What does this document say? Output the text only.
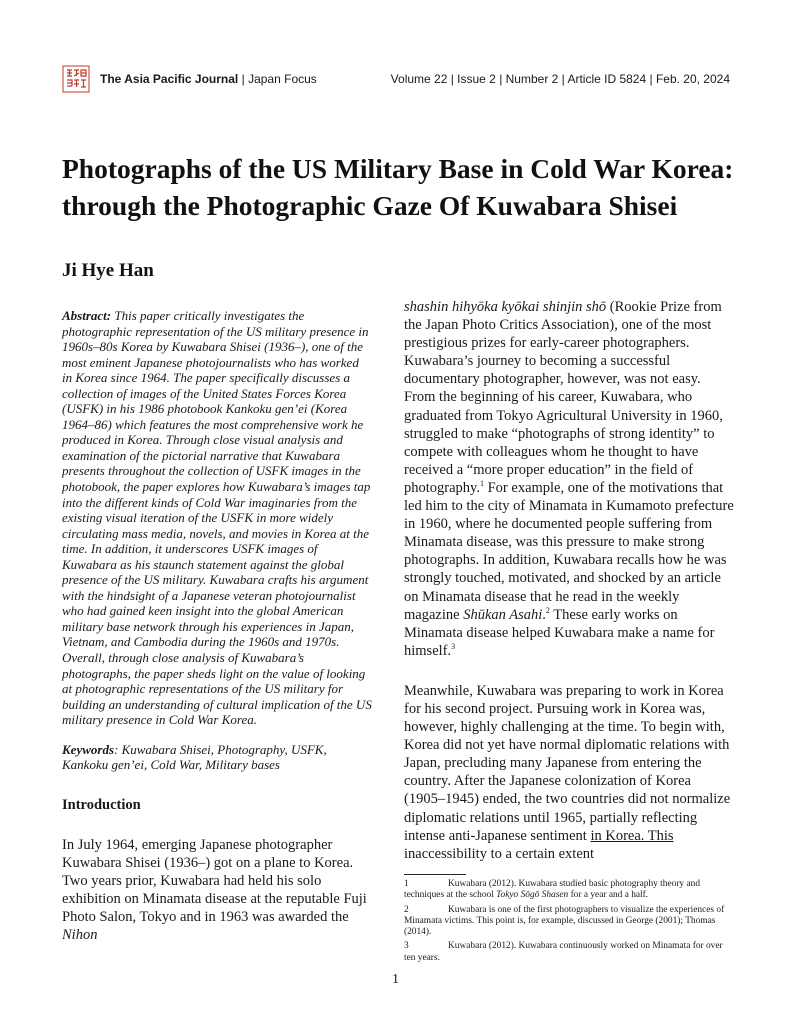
The Asia Pacific Journal | Japan Focus	Volume 22 | Issue 2 | Number 2 | Article ID 5824 | Feb. 20, 2024
Photographs of the US Military Base in Cold War Korea: through the Photographic Gaze Of Kuwabara Shisei
Ji Hye Han

Abstract: This paper critically investigates the photographic representation of the US military presence in 1960s–80s Korea by Kuwabara Shisei (1936–), one of the most eminent Japanese photojournalists who has worked in Korea since 1964. The paper specifically discusses a collection of images of the United States Forces Korea (USFK) in his 1986 photobook Kankoku gen’ei (Korea 1964–86) which features the most comprehensive work he produced in Korea. Through close visual analysis and examination of the pictorial narrative that Kuwabara presents throughout the collection of USFK images in the photobook, the paper explores how Kuwabara’s images tap into the different kinds of Cold War imaginaries from the existing visual iteration of the USFK in more widely circulating mass media, novels, and movies in Korea at the time. In addition, it underscores USFK images of Kuwabara as his staunch statement against the global presence of the US military. Kuwabara crafts his argument with the hindsight of a Japanese veteran photojournalist who had gained keen insight into the global American military base network through his experiences in Japan, Vietnam, and Cambodia during the 1960s and 1970s. Overall, through close analysis of Kuwabara’s photographs, the paper sheds light on the value of looking at photographic representations of the US military for building an understanding of cultural implication of the US military presence in Cold War Korea.

Keywords: Kuwabara Shisei, Photography, USFK, Kankoku gen’ei, Cold War, Military bases

Introduction

In July 1964, emerging Japanese photographer Kuwabara Shisei (1936–) got on a plane to Korea. Two years prior, Kuwabara had held his solo exhibition on Minamata disease at the reputable Fuji Photo Salon, Tokyo and in 1963 was awarded the Nihon

shashin hihyōka kyōkai shinjin shō (Rookie Prize from the Japan Photo Critics Association), one of the most prestigious prizes for early-career photographers. Kuwabara’s journey to becoming a successful documentary photographer, however, was not easy. From the beginning of his career, Kuwabara, who graduated from Tokyo Agricultural University in 1960, struggled to make “photographs of strong identity” to compete with colleagues whom he thought to have received a “more proper education” in the field of photography.$^1$ For example, one of the motivations that led him to the city of Minamata in Kumamoto prefecture in 1960, where he documented people suffering from Minamata disease, was this pressure to make strong photographs. In addition, Kuwabara recalls how he was strongly touched, motivated, and shocked by an article on Minamata disease that he read in the weekly magazine Shūkan Asahi.$^2$ These early works on Minamata disease helped Kuwabara make a name for himself.$^3$

Meanwhile, Kuwabara was preparing to work in Korea for his second project. Pursuing work in Korea was, however, highly challenging at the time. To begin with, Korea did not yet have normal diplomatic relations with Japan, precluding many Japanese from entering the country. After the Japanese colonization of Korea (1905–1945) ended, the two countries did not normalize diplomatic relations until 1965, partially reflecting intense anti-Japanese sentiment in Korea. This inaccessibility to a certain extent

1	Kuwabara (2012). Kuwabara studied basic photography theory and techniques at the school Tokyo Sōgō Shasen for a year and a half.

2	Kuwabara is one of the first photographers to visualize the experiences of Minamata victims. This point is, for example, discussed in George (2001); Thomas (2014).

3	Kuwabara (2012). Kuwabara continuously worked on Minamata for over ten years.

1
